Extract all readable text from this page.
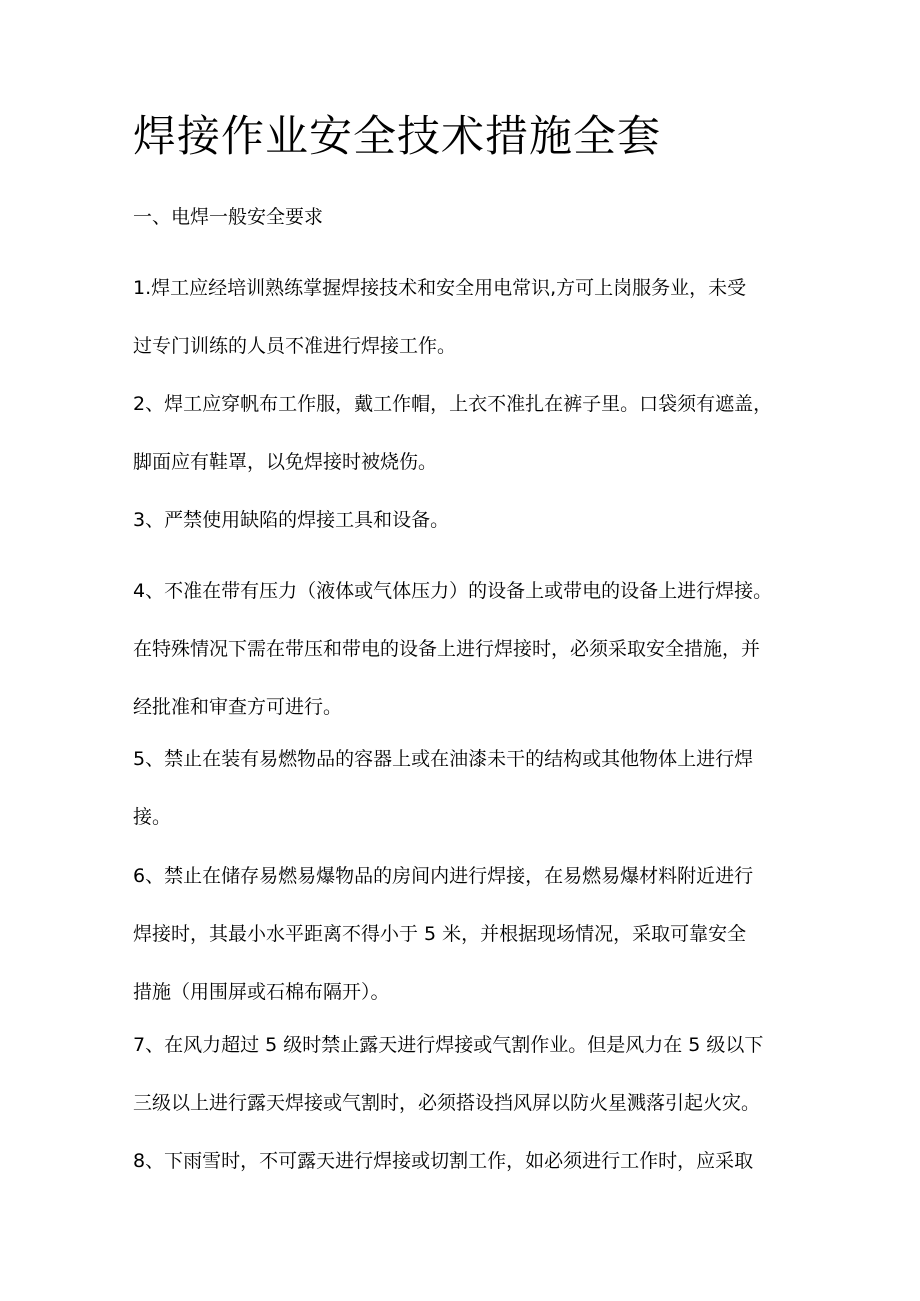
焊接作业安全技术措施全套

一、电焊一般安全要求

1.焊工应经培训熟练掌握焊接技术和安全用电常识,方可上岗服务业，未受
过专门训练的人员不准进行焊接工作。

2、焊工应穿帆布工作服，戴工作帽，上衣不准扎在裤子里。口袋须有遮盖，
脚面应有鞋罩，以免焊接时被烧伤。

3、严禁使用缺陷的焊接工具和设备。

4、不准在带有压力（液体或气体压力）的设备上或带电的设备上进行焊接。
在特殊情况下需在带压和带电的设备上进行焊接时，必须采取安全措施，并
经批准和审查方可进行。

5、禁止在装有易燃物品的容器上或在油漆未干的结构或其他物体上进行焊
接。

6、禁止在储存易燃易爆物品的房间内进行焊接，在易燃易爆材料附近进行
焊接时，其最小水平距离不得小于 5 米，并根据现场情况，采取可靠安全
措施（用围屏或石棉布隔开）。

7、在风力超过 5 级时禁止露天进行焊接或气割作业。但是风力在 5 级以下
三级以上进行露天焊接或气割时，必须搭设挡风屏以防火星溅落引起火灾。

8、下雨雪时，不可露天进行焊接或切割工作，如必须进行工作时，应采取
